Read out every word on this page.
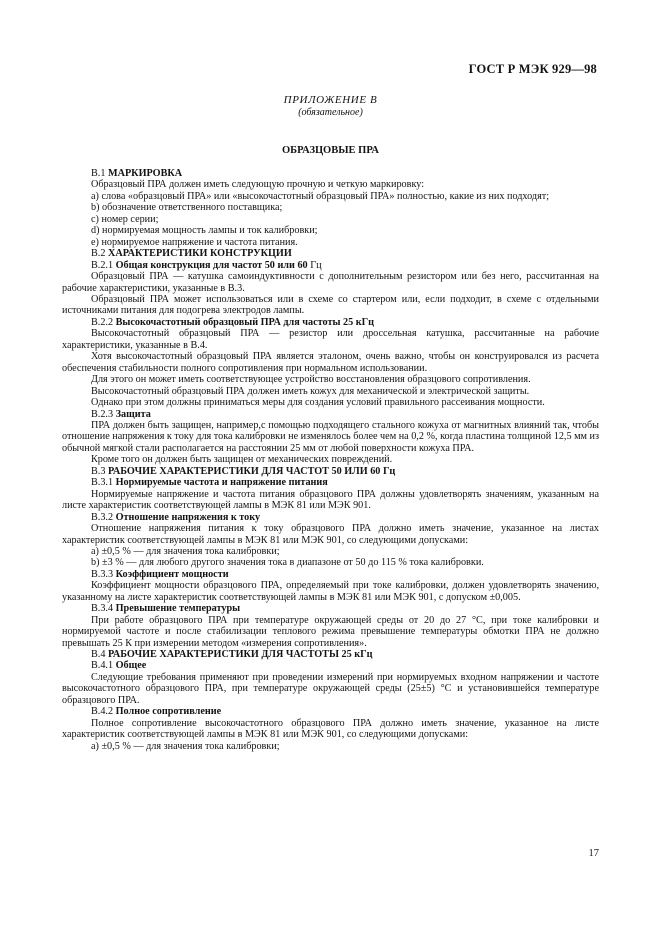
ГОСТ Р МЭК 929—98
ПРИЛОЖЕНИЕ В
(обязательное)
ОБРАЗЦОВЫЕ ПРА

В.1 МАРКИРОВКА

Образцовый ПРА должен иметь следующую прочную и четкую маркировку:

а) слова «образцовый ПРА» или «высокочастотный образцовый ПРА» полностью, какие из них подходят;

b) обозначение ответственного поставщика;

с) номер серии;

d) нормируемая мощность лампы и ток калибровки;

е) нормируемое напряжение и частота питания.

В.2 ХАРАКТЕРИСТИКИ КОНСТРУКЦИИ

В.2.1 Общая конструкция для частот 50 или 60 Гц

Образцовый ПРА — катушка самоиндуктивности с дополнительным резистором или без него, рассчитанная на рабочие характеристики, указанные в В.3.

Образцовый ПРА может использоваться или в схеме со стартером или, если подходит, в схеме с отдельными источниками питания для подогрева электродов лампы.

В.2.2 Высокочастотный образцовый ПРА для частоты 25 кГц

Высокочастотный образцовый ПРА — резистор или дроссельная катушка, рассчитанные на рабочие характеристики, указанные в В.4.

Хотя высокочастотный образцовый ПРА является эталоном, очень важно, чтобы он конструировался из расчета обеспечения стабильности полного сопротивления при нормальном использовании.

Для этого он может иметь соответствующее устройство восстановления образцового сопротивления.

Высокочастотный образцовый ПРА должен иметь кожух для механической и электрической защиты.

Однако при этом должны приниматься меры для создания условий правильного рассеивания мощности.

В.2.3 Защита

ПРА должен быть защищен, например,с помощью подходящего стального кожуха от магнитных влияний так, чтобы отношение напряжения к току для тока калибровки не изменялось более чем на 0,2 %, когда пластина толщиной 12,5 мм из обычной мягкой стали располагается на расстоянии 25 мм от любой поверхности кожуха ПРА.

Кроме того он должен быть защищен от механических повреждений.

В.3 РАБОЧИЕ ХАРАКТЕРИСТИКИ ДЛЯ ЧАСТОТ 50 ИЛИ 60 Гц

В.3.1 Нормируемые частота и напряжение питания

Нормируемые напряжение и частота питания образцового ПРА должны удовлетворять значениям, указанным на листе характеристик соответствующей лампы в МЭК 81 или МЭК 901.

В.3.2 Отношение напряжения к току

Отношение напряжения питания к току образцового ПРА должно иметь значение, указанное на листах характеристик соответствующей лампы в МЭК 81 или МЭК 901, со следующими допусками:

а) ±0,5 % — для значения тока калибровки;

b) ±3 % — для любого другого значения тока в диапазоне от 50 до 115 % тока калибровки.

В.3.3 Коэффициент мощности

Коэффициент мощности образцового ПРА, определяемый при токе калибровки, должен удовлетворять значению, указанному на листе характеристик соответствующей лампы в МЭК 81 или МЭК 901, с допуском ±0,005.

В.3.4 Превышение температуры

При работе образцового ПРА при температуре окружающей среды от 20 до 27 °С, при токе калибровки и нормируемой частоте и после стабилизации теплового режима превышение температуры обмотки ПРА не должно превышать 25 К при измерении методом «измерения сопротивления».

В.4 РАБОЧИЕ ХАРАКТЕРИСТИКИ ДЛЯ ЧАСТОТЫ 25 кГц

В.4.1 Общее

Следующие требования применяют при проведении измерений при нормируемых входном напряжении и частоте высокочастотного образцового ПРА, при температуре окружающей среды (25±5) °С и установившейся температуре образцового ПРА.

В.4.2 Полное сопротивление

Полное сопротивление высокочастотного образцового ПРА должно иметь значение, указанное на листе характеристик соответствующей лампы в МЭК 81 или МЭК 901, со следующими допусками:

а) ±0,5 % — для значения тока калибровки;

17
